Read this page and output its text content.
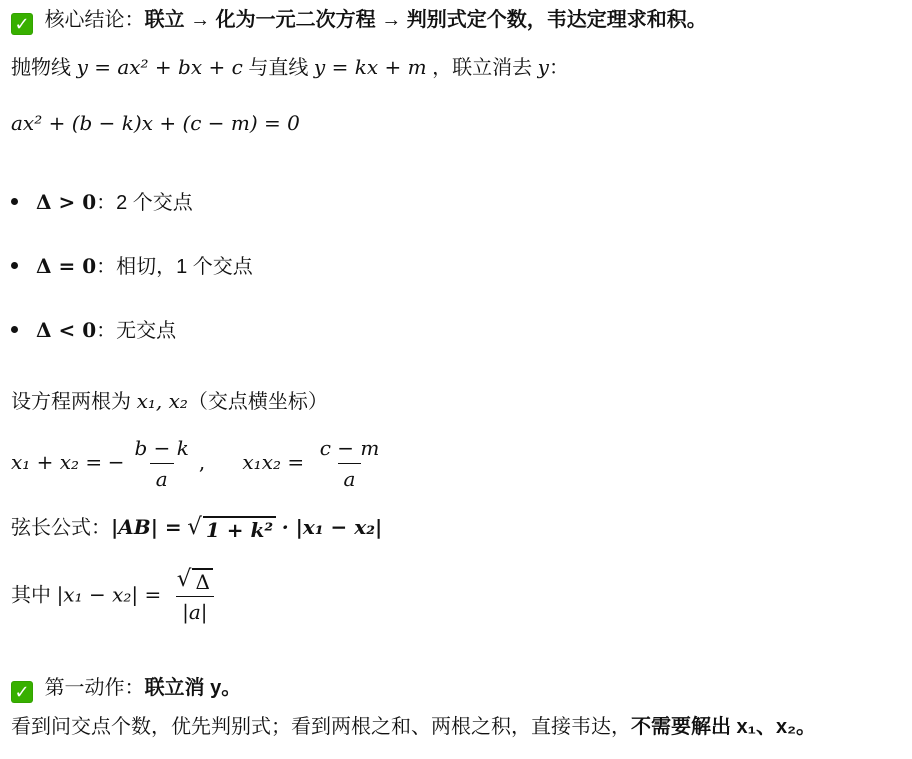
✓ 核心结论：联立 → 化为一元二次方程 → 判别式定个数，韦达定理求和积。
抛物线 y = ax² + bx + c 与直线 y = kx + m ，联立消去 y：
ax² + (b − k)x + (c − m) = 0
Δ > 0：2 个交点
Δ = 0：相切，1 个交点
Δ < 0：无交点
设方程两根为 x₁, x₂（交点横坐标）
x₁ + x₂ = − $\frac{b - k}{a}$ , $x_1x_2 = \frac{c - m}{a}$
弦长公式：|AB| = √ 1 + k² · |x₁ − x₂|
其中 $|x_1 - x_2| = \frac{√ \Delta}{|a|}$
✓ 第一动作：联立消 y。
看到问交点个数，优先判别式；看到两根之和、两根之积，直接韦达，不需要解出 x₁、x₂。
